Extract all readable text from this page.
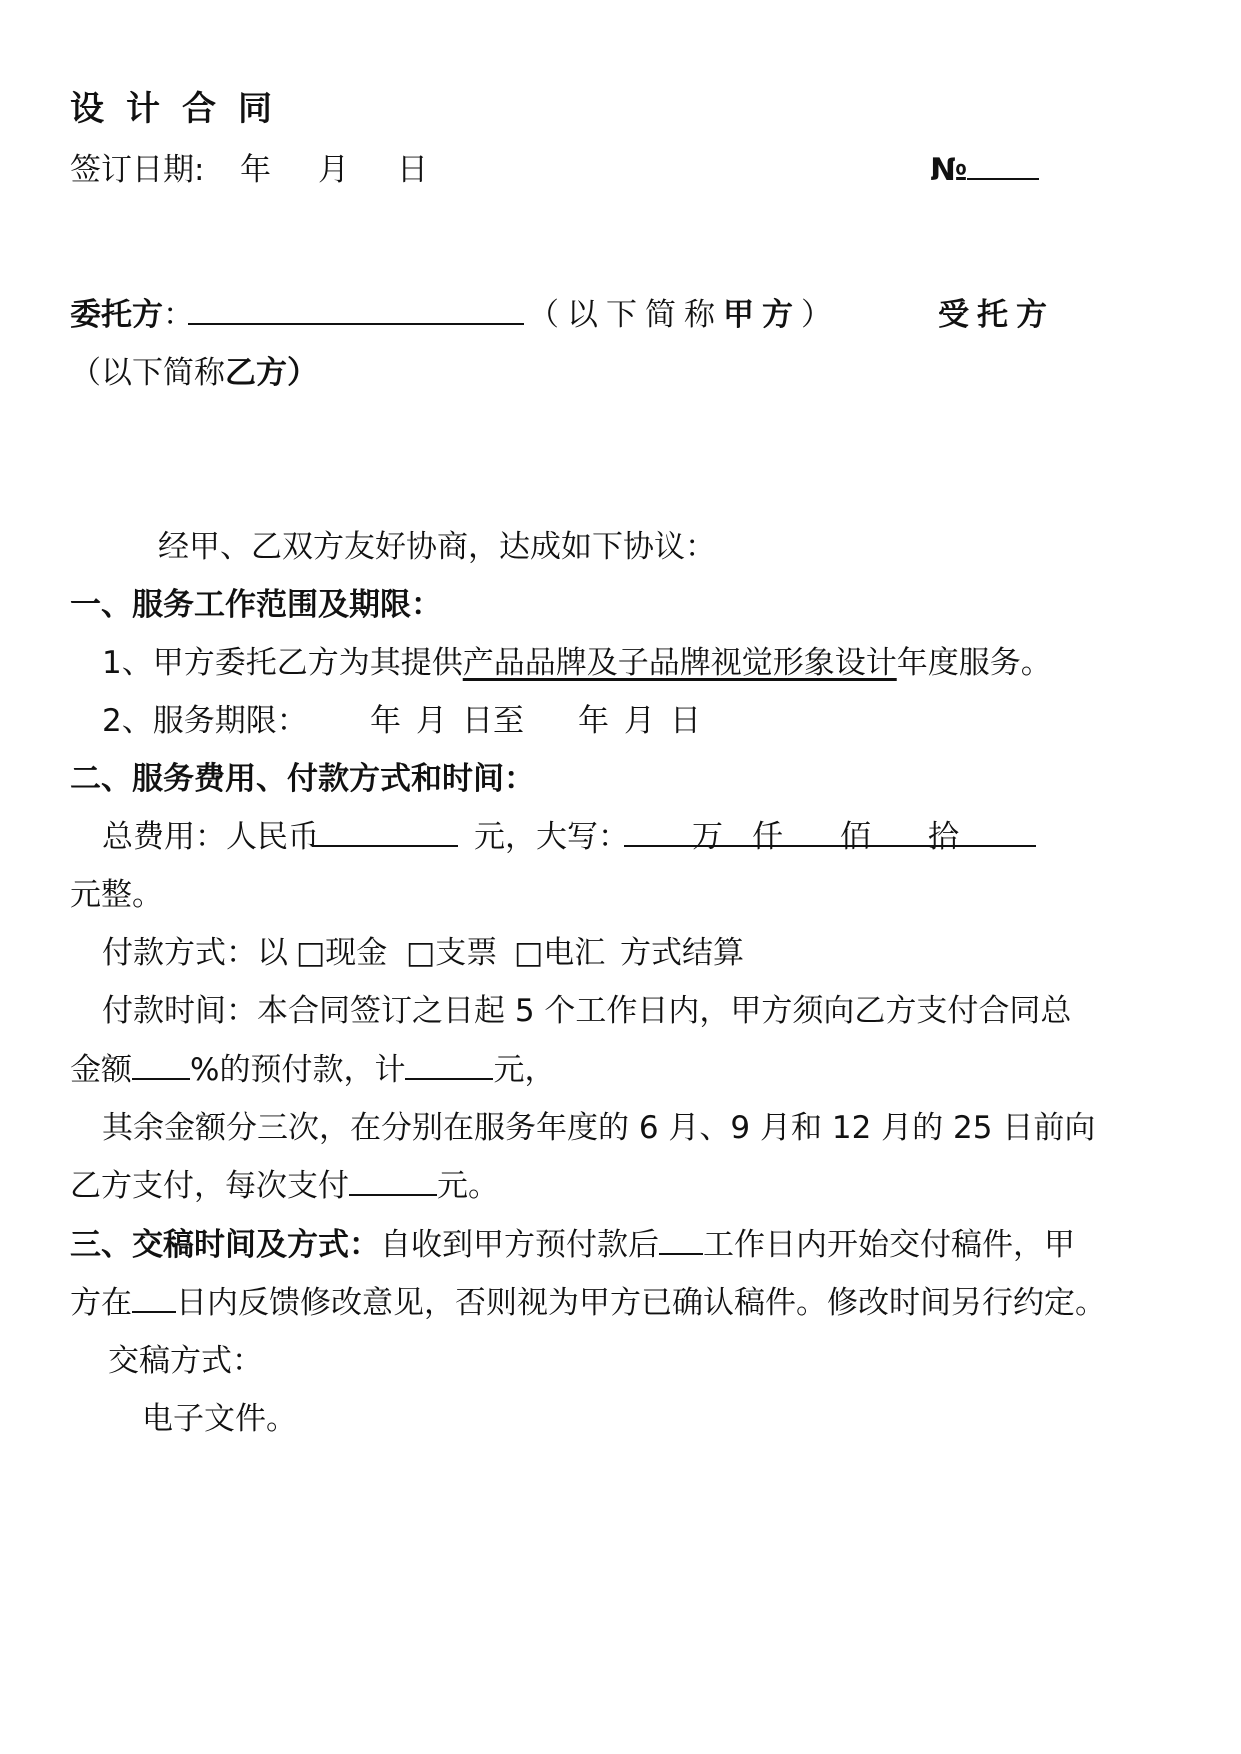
设计合同
签订日期: 年 月 日	№
委托方：	（以下简称甲方）	受托方
（以下简称乙方）
经甲、乙双方友好协商，达成如下协议：
一、服务工作范围及期限：
1、甲方委托乙方为其提供产品品牌及子品牌视觉形象设计年度服务。
2、服务期限： 年 月 日至 年 月 日
二、服务费用、付款方式和时间：
总费用：人民币	元，大写： 万 仟 佰 拾
元整。
付款方式：以 □现金 □支票 □电汇 方式结算
付款时间：本合同签订之日起 5 个工作日内，甲方须向乙方支付合同总
金额 %的预付款，计	元，
其余金额分三次，在分别在服务年度的 6 月、9 月和 12 月的 25 日前向
乙方支付，每次支付	元。
三、交稿时间及方式：自收到甲方预付款后 工作日内开始交付稿件，甲
方在 日内反馈修改意见，否则视为甲方已确认稿件。修改时间另行约定。
交稿方式：
电子文件。
